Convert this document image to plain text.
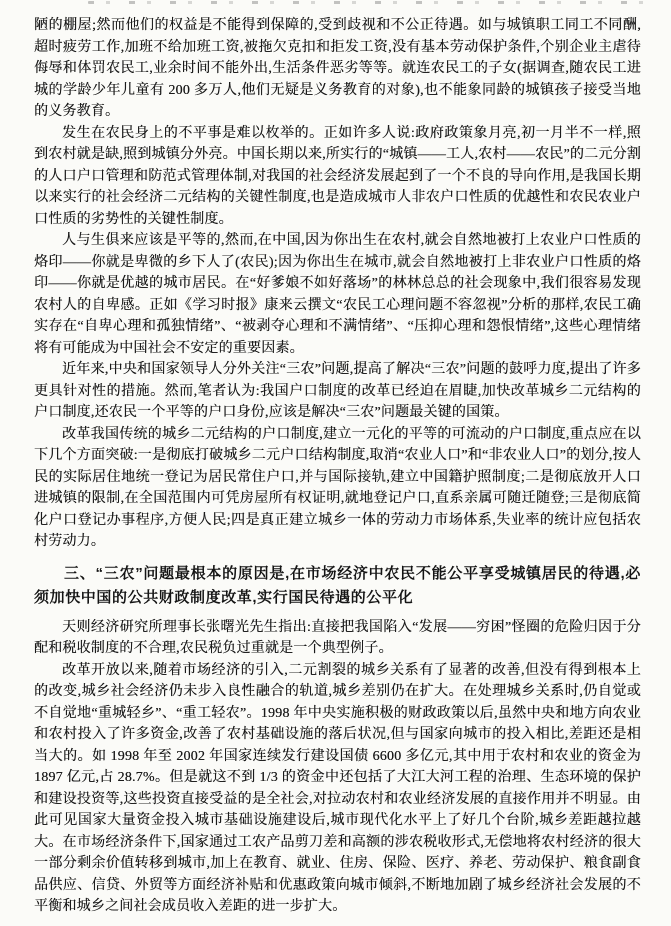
陋的棚屋;然而他们的权益是不能得到保障的,受到歧视和不公正待遇。如与城镇职工同工不同酬,超时疲劳工作,加班不给加班工资,被拖欠克扣和拒发工资,没有基本劳动保护条件,个别企业主虐待侮辱和体罚农民工,业余时间不能外出,生活条件恶劣等等。就连农民工的子女(据调查,随农民工进城的学龄少年儿童有 200 多万人,他们无疑是义务教育的对象),也不能象同龄的城镇孩子接受当地的义务教育。

发生在农民身上的不平事是难以枚举的。正如许多人说:政府政策象月亮,初一月半不一样,照到农村就是缺,照到城镇分外亮。中国长期以来,所实行的“城镇——工人,农村——农民”的二元分割的人口户口管理和防范式管理体制,对我国的社会经济发展起到了一个不良的导向作用,是我国长期以来实行的社会经济二元结构的关键性制度,也是造成城市人非农户口性质的优越性和农民农业户口性质的劣势性的关键性制度。

人与生俱来应该是平等的,然而,在中国,因为你出生在农村,就会自然地被打上农业户口性质的烙印——你就是卑微的乡下人了(农民);因为你出生在城市,就会自然地被打上非农业户口性质的烙印——你就是优越的城市居民。在“好爹娘不如好落场”的林林总总的社会现象中,我们很容易发现农村人的自卑感。正如《学习时报》康来云撰文“农民工心理问题不容忽视”分析的那样,农民工确实存在“自卑心理和孤独情绪”、“被剥夺心理和不满情绪”、“压抑心理和怨恨情绪”,这些心理情绪将有可能成为中国社会不安定的重要因素。

近年来,中央和国家领导人分外关注“三农”问题,提高了解决“三农”问题的鼓呼力度,提出了许多更具针对性的措施。然而,笔者认为:我国户口制度的改革已经迫在眉睫,加快改革城乡二元结构的户口制度,还农民一个平等的户口身份,应该是解决“三农”问题最关键的国策。

改革我国传统的城乡二元结构的户口制度,建立一元化的平等的可流动的户口制度,重点应在以下几个方面突破:一是彻底打破城乡二元户口结构制度,取消“农业人口”和“非农业人口”的划分,按人民的实际居住地统一登记为居民常住户口,并与国际接轨,建立中国籍护照制度;二是彻底放开人口进城镇的限制,在全国范围内可凭房屋所有权证明,就地登记户口,直系亲属可随迁随登;三是彻底简化户口登记办事程序,方便人民;四是真正建立城乡一体的劳动力市场体系,失业率的统计应包括农村劳动力。

三、“三农”问题最根本的原因是,在市场经济中农民不能公平享受城镇居民的待遇,必须加快中国的公共财政制度改革,实行国民待遇的公平化

天则经济研究所理事长张曙光先生指出:直接把我国陷入“发展——穷困”怪圈的危险归因于分配和税收制度的不合理,农民税负过重就是一个典型例子。

改革开放以来,随着市场经济的引入,二元割裂的城乡关系有了显著的改善,但没有得到根本上的改变,城乡社会经济仍未步入良性融合的轨道,城乡差别仍在扩大。在处理城乡关系时,仍自觉或不自觉地“重城轻乡”、“重工轻农”。1998 年中央实施积极的财政政策以后,虽然中央和地方向农业和农村投入了许多资金,改善了农村基础设施的落后状况,但与国家向城市的投入相比,差距还是相当大的。如 1998 年至 2002 年国家连续发行建设国债 6600 多亿元,其中用于农村和农业的资金为 1897 亿元,占 28.7%。但是就这不到 1/3 的资金中还包括了大江大河工程的治理、生态环境的保护和建设投资等,这些投资直接受益的是全社会,对拉动农村和农业经济发展的直接作用并不明显。由此可见国家大量资金投入城市基础设施建设后,城市现代化水平上了好几个台阶,城乡差距越拉越大。在市场经济条件下,国家通过工农产品剪刀差和高额的涉农税收形式,无偿地将农村经济的很大一部分剩余价值转移到城市,加上在教育、就业、住房、保险、医疗、养老、劳动保护、粮食副食品供应、信贷、外贸等方面经济补贴和优惠政策向城市倾斜,不断地加剧了城乡经济社会发展的不平衡和城乡之间社会成员收入差距的进一步扩大。
